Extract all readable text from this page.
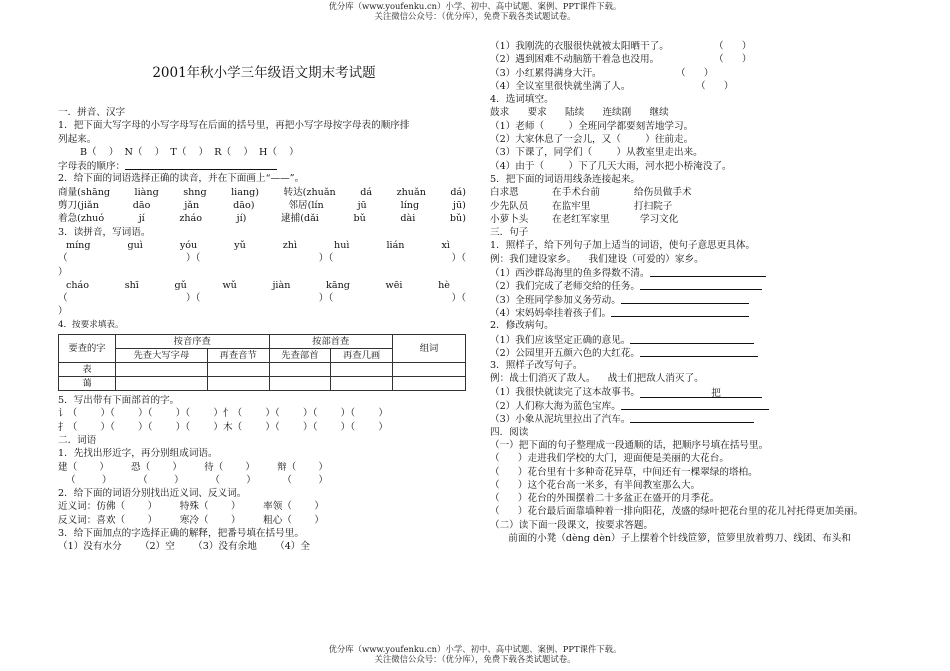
优分库（www.youfenku.cn）小学、初中、高中试题、案例、PPT课件下载。
关注微信公众号：（优分库），免费下载各类试题试卷。
2001年秋小学三年级语文期末考试题
一．拼音、汉字
1．把下面大写字母的小写字母写在后面的括号里，再把小写字母按字母表的顺序排
列起来。
B（    ）  N（    ）  T（    ）  R（    ）  H（    ）
字母表的顺序：
2．给下面的词语选择正确的读音，并在下面画上“——”。
商量(shāng	liàng	shng	liang)	转达(zhuǎn	dá	zhuǎn	dá)
剪刀(jiǎn	dāo	jǎn	dāo)	邻居(lín	jū	líng	jū)
着急(zhuó	jí	zháo	jí)	逮捕(dǎi	bǔ	dài	bǔ)
3．读拼音，写词语。
míng	guì	yóu	yǔ	zhì	huì	lián	xì
（	）（	）（	）（
）
cháo	shī	gǔ	wǔ	jiàn	kāng	wēi	hè
（	）（	）（	）（
）
4．按要求填表。
要查的字	按音序查		按部首查		组词
	先查大写字母	再查音节	先查部首	再查几画	
表					
蔼					
5．写出带有下面部首的字。
讠（ ）（ ）（ ）（ ）忄（ ）（ ）（ ）（ ）
扌（ ）（ ）（ ）（ ）木（ ）（ ）（ ）（ ）
二．词语
1．先找出形近字，再分别组成词语。
建（ ） 恐（ ） 待（ ） 辩（ ）
（	）	（	）	（	）	（	）
2．给下面的词语分别找出近义词、反义词。
近义词：仿佛（ ） 特殊（ ） 率领（ ）
反义词：喜欢（ ） 寒冷（ ） 粗心（ ）
3．给下面加点的字选择正确的解释，把番号填在括号里。
（1）没有水分      （2）空      （3）没有余地      （4）全
（1）我刚洗的衣服很快就被太阳晒干了。	（      ）
（2）遇到困难不动脑筋干着急也没用。	（      ）
（3）小红累得满身大汗。	（      ）
（4）全议室里很快就坐满了人。	（      ）
4．选词填空。
鼓求      要求      陆续      连续剧      继续
（1）老师（        ）全班同学都要刻苦地学习。
（2）大家休息了一会儿，又（        ）往前走。
（3）下课了，同学们（        ）从教室里走出来。
（4）由于（        ）下了几天大雨，河水把小桥淹没了。
5．把下面的词语用线条连接起来。
白求恩	在手术台前	给伤员做手术
少先队员 在监牢里	打扫院子
小萝卜头 在老红军家里	学习文化
三．句子
1．照样子，给下列句子加上适当的词语，使句子意思更具体。
例：我们建设家乡。    我们建设（可爱的）家乡。
（1）西沙群岛海里的鱼多得数不清。
（2）我们完成了老师交给的任务。
（3）全班同学参加义务劳动。
（4）宋妈妈牵挂着孩子们。
2．修改病句。
（1）我们应该坚定正确的意见。
（2）公园里开五颜六色的大红花。
3．照样子改写句子。
例：战士们消灭了敌人。    战士们把敌人消灭了。
（1）我很快就读完了这本故事书。	把
（2）人们称大海为蓝色宝库。
（3）小象从泥坑里拉出了汽车。
四．阅读
（一）把下面的句子整理成一段通顺的话，把顺序号填在括号里。
（      ）走进我们学校的大门，迎面便是美丽的大花台。
（      ）花台里有十多种奇花异草，中间还有一棵翠绿的塔柏。
（      ）这个花台高一米多，有半间教室那么大。
（      ）花台的外围摆着二十多盆正在盛开的月季花。
（      ）花台最后面靠墙种着一排向阳花，茂盛的绿叶把花台里的花儿衬托得更加美丽。
（二）读下面一段课文，按要求答题。
前面的小凳（dèng dèn）子上摆着个针线笸箩，笸箩里放着剪刀、线团、布头和
优分库（www.youfenku.cn）小学、初中、高中试题、案例、PPT课件下载。
关注微信公众号：（优分库），免费下载各类试题试卷。
